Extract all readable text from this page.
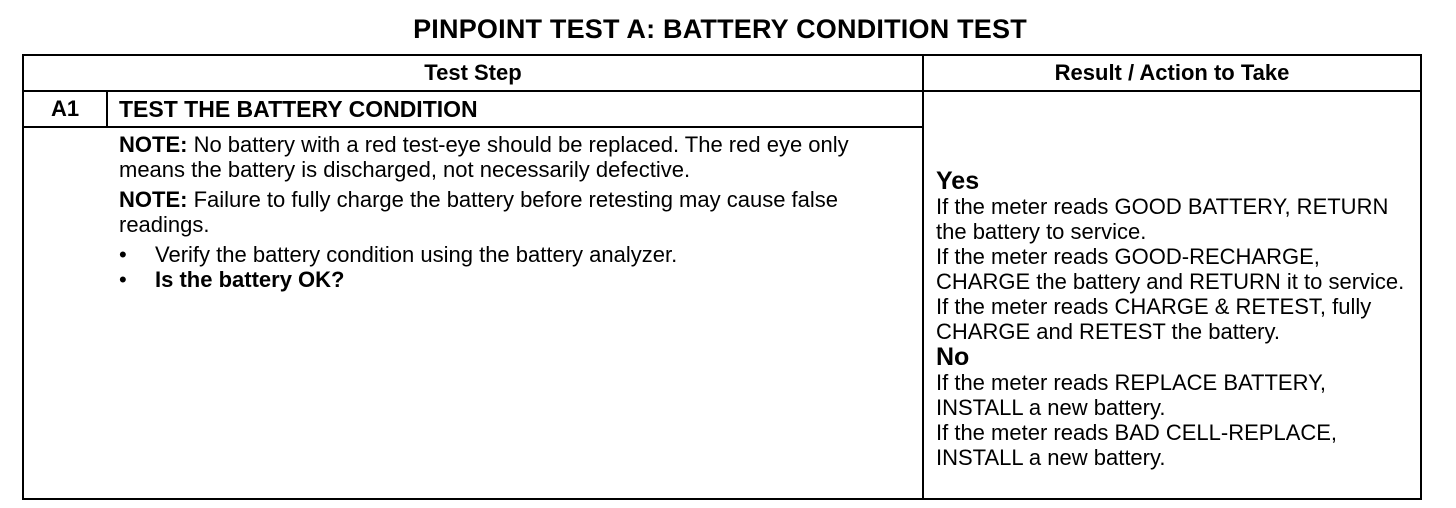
PINPOINT TEST A: BATTERY CONDITION TEST
Test Step	Result / Action to Take
A1	TEST THE BATTERY CONDITION

NOTE: No battery with a red test-eye should be replaced. The red eye only means the battery is discharged, not necessarily defective.

NOTE: Failure to fully charge the battery before retesting may cause false readings.

• Verify the battery condition using the battery analyzer.
• Is the battery OK?
Yes

If the meter reads GOOD BATTERY, RETURN the battery to service.

If the meter reads GOOD-RECHARGE, CHARGE the battery and RETURN it to service.

If the meter reads CHARGE & RETEST, fully CHARGE and RETEST the battery.

No

If the meter reads REPLACE BATTERY, INSTALL a new battery.

If the meter reads BAD CELL-REPLACE, INSTALL a new battery.
